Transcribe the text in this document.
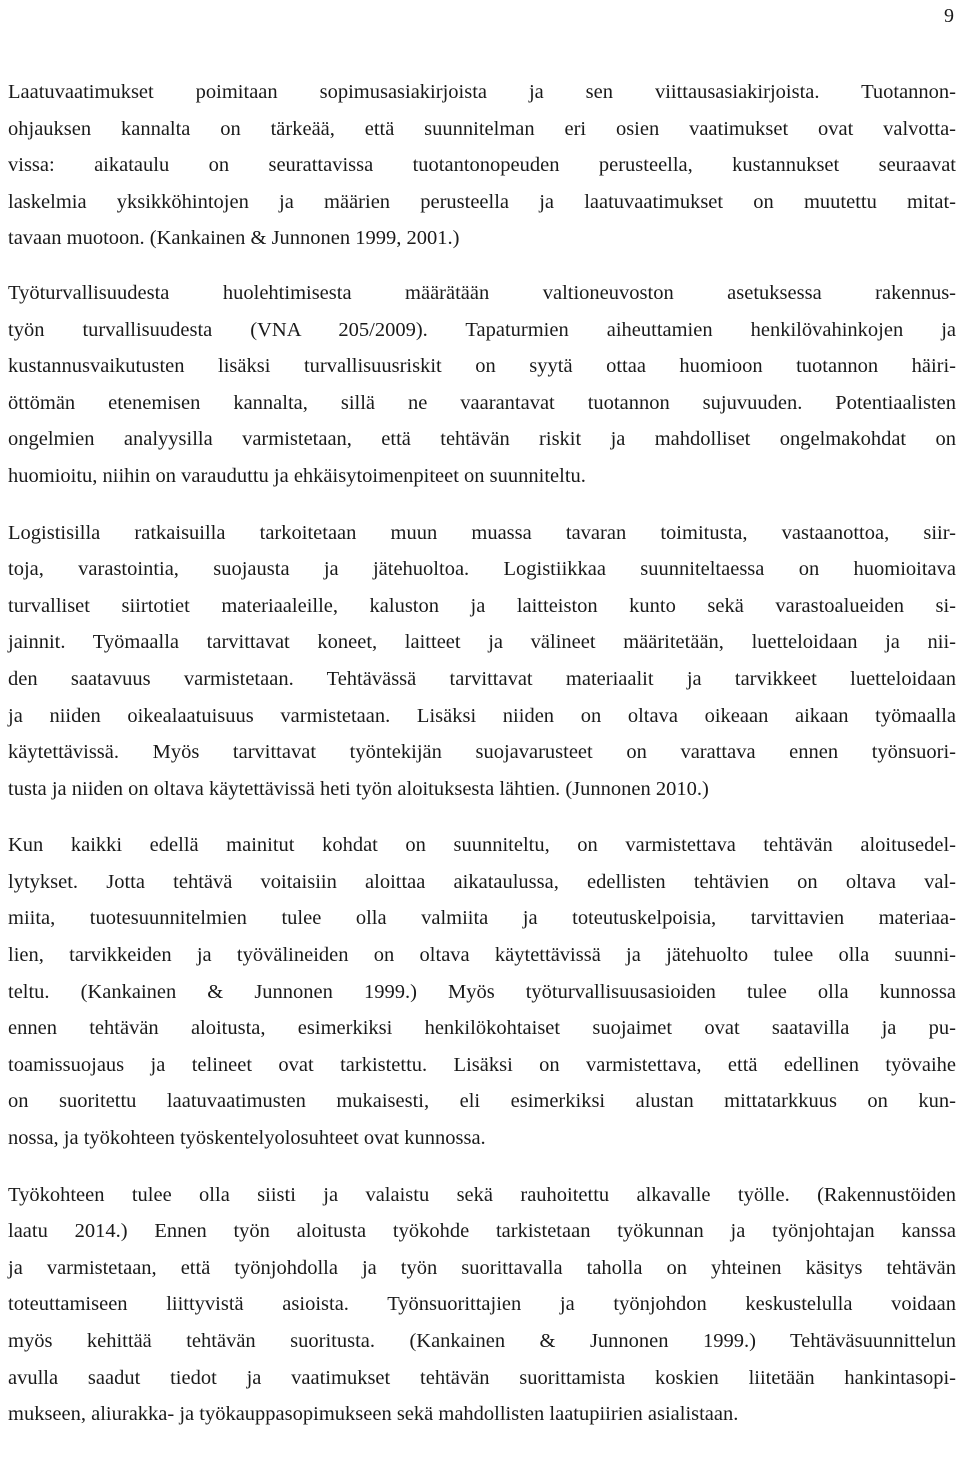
9

Laatuvaatimukset poimitaan sopimusasiakirjoista ja sen viittausasiakirjoista. Tuotannon-
ohjauksen kannalta on tärkeää, että suunnitelman eri osien vaatimukset ovat valvotta-
vissa: aikataulu on seurattavissa tuotantonopeuden perusteella, kustannukset seuraavat
laskelmia yksikköhintojen ja määrien perusteella ja laatuvaatimukset on muutettu mitat-
tavaan muotoon. (Kankainen & Junnonen 1999, 2001.)

Työturvallisuudesta huolehtimisesta määrätään valtioneuvoston asetuksessa rakennus-
työn turvallisuudesta (VNA 205/2009). Tapaturmien aiheuttamien henkilövahinkojen ja
kustannusvaikutusten lisäksi turvallisuusriskit on syytä ottaa huomioon tuotannon häiri-
öttömän etenemisen kannalta, sillä ne vaarantavat tuotannon sujuvuuden. Potentiaalisten
ongelmien analyysilla varmistetaan, että tehtävän riskit ja mahdolliset ongelmakohdat on
huomioitu, niihin on varauduttu ja ehkäisytoimenpiteet on suunniteltu.

Logistisilla ratkaisuilla tarkoitetaan muun muassa tavaran toimitusta, vastaanottoa, siir-
toja, varastointia, suojausta ja jätehuoltoa. Logistiikkaa suunniteltaessa on huomioitava
turvalliset siirtotiet materiaaleille, kaluston ja laitteiston kunto sekä varastoalueiden si-
jainnit. Työmaalla tarvittavat koneet, laitteet ja välineet määritetään, luetteloidaan ja nii-
den saatavuus varmistetaan. Tehtävässä tarvittavat materiaalit ja tarvikkeet luetteloidaan
ja niiden oikealaatuisuus varmistetaan. Lisäksi niiden on oltava oikeaan aikaan työmaalla
käytettävissä. Myös tarvittavat työntekijän suojavarusteet on varattava ennen työnsuori-
tusta ja niiden on oltava käytettävissä heti työn aloituksesta lähtien. (Junnonen 2010.)

Kun kaikki edellä mainitut kohdat on suunniteltu, on varmistettava tehtävän aloitusedel-
lytykset. Jotta tehtävä voitaisiin aloittaa aikataulussa, edellisten tehtävien on oltava val-
miita, tuotesuunnitelmien tulee olla valmiita ja toteutuskelpoisia, tarvittavien materiaa-
lien, tarvikkeiden ja työvälineiden on oltava käytettävissä ja jätehuolto tulee olla suunni-
teltu. (Kankainen & Junnonen 1999.) Myös työturvallisuusasioiden tulee olla kunnossa
ennen tehtävän aloitusta, esimerkiksi henkilökohtaiset suojaimet ovat saatavilla ja pu-
toamissuojaus ja telineet ovat tarkistettu. Lisäksi on varmistettava, että edellinen työvaihe
on suoritettu laatuvaatimusten mukaisesti, eli esimerkiksi alustan mittatarkkuus on kun-
nossa, ja työkohteen työskentelyolosuhteet ovat kunnossa.

Työkohteen tulee olla siisti ja valaistu sekä rauhoitettu alkavalle työlle. (Rakennustöiden
laatu 2014.) Ennen työn aloitusta työkohde tarkistetaan työkunnan ja työnjohtajan kanssa
ja varmistetaan, että työnjohdolla ja työn suorittavalla taholla on yhteinen käsitys tehtävän
toteuttamiseen liittyvistä asioista. Työnsuorittajien ja työnjohdon keskustelulla voidaan
myös kehittää tehtävän suoritusta. (Kankainen & Junnonen 1999.) Tehtäväsuunnittelun
avulla saadut tiedot ja vaatimukset tehtävän suorittamista koskien liitetään hankintasopi-
mukseen, aliurakka- ja työkauppasopimukseen sekä mahdollisten laatupiirien asialistaan.
